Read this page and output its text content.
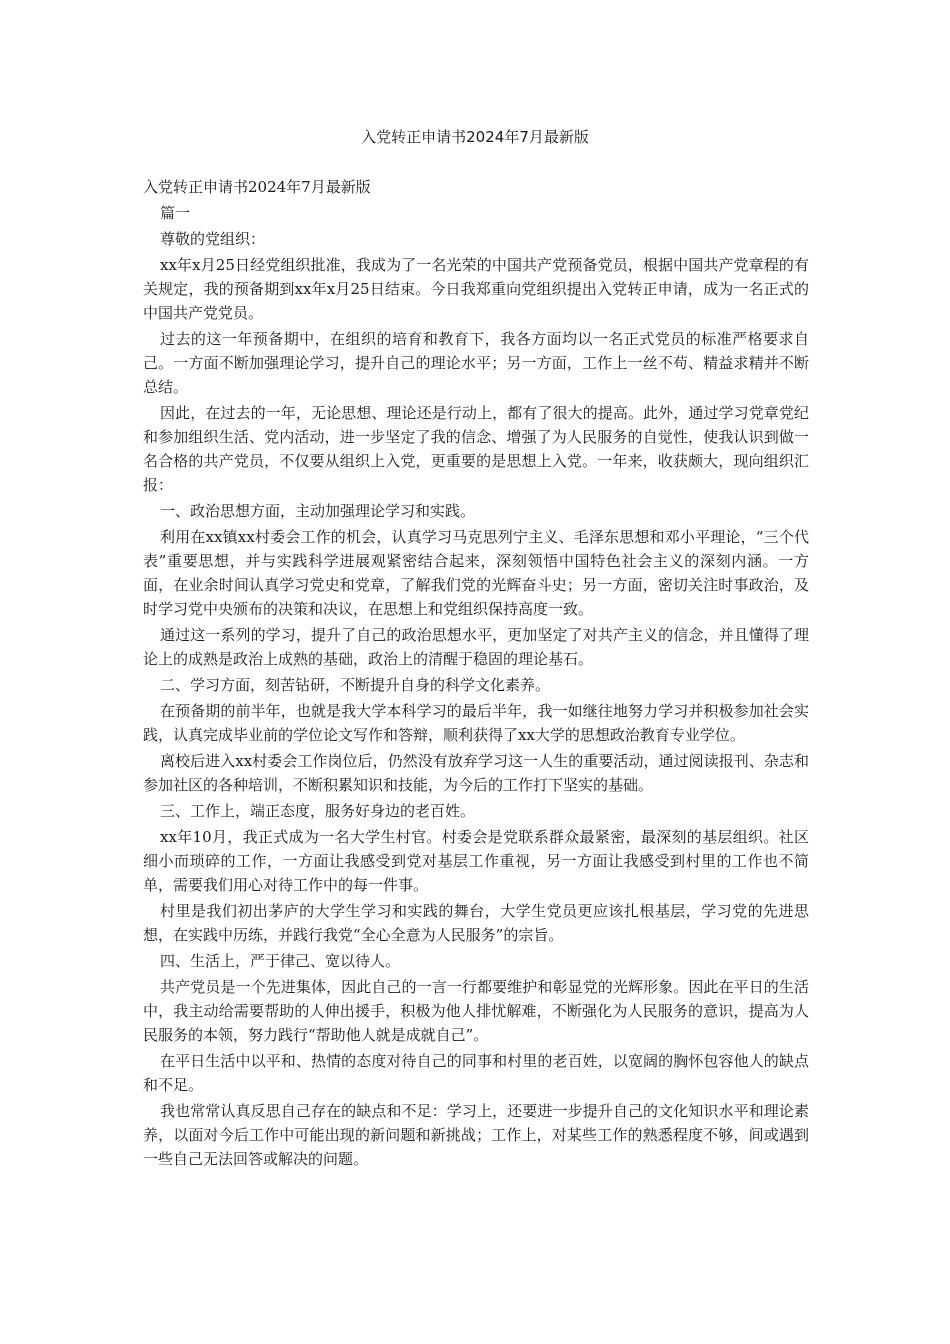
入党转正申请书2024年7月最新版

入党转正申请书2024年7月最新版

篇一

尊敬的党组织：

xx年x月25日经党组织批准，我成为了一名光荣的中国共产党预备党员，根据中国共产党章程的有关规定，我的预备期到xx年x月25日结束。今日我郑重向党组织提出入党转正申请，成为一名正式的中国共产党党员。

过去的这一年预备期中，在组织的培育和教育下，我各方面均以一名正式党员的标准严格要求自己。一方面不断加强理论学习，提升自己的理论水平；另一方面，工作上一丝不苟、精益求精并不断总结。

因此，在过去的一年，无论思想、理论还是行动上，都有了很大的提高。此外，通过学习党章党纪和参加组织生活、党内活动，进一步坚定了我的信念、增强了为人民服务的自觉性，使我认识到做一名合格的共产党员，不仅要从组织上入党，更重要的是思想上入党。一年来，收获颇大，现向组织汇报：

一、政治思想方面，主动加强理论学习和实践。

利用在xx镇xx村委会工作的机会，认真学习马克思列宁主义、毛泽东思想和邓小平理论，“三个代表”重要思想，并与实践科学进展观紧密结合起来，深刻领悟中国特色社会主义的深刻内涵。一方面，在业余时间认真学习党史和党章，了解我们党的光辉奋斗史；另一方面，密切关注时事政治，及时学习党中央颁布的决策和决议，在思想上和党组织保持高度一致。

通过这一系列的学习，提升了自己的政治思想水平，更加坚定了对共产主义的信念，并且懂得了理论上的成熟是政治上成熟的基础，政治上的清醒于稳固的理论基石。

二、学习方面，刻苦钻研，不断提升自身的科学文化素养。

在预备期的前半年，也就是我大学本科学习的最后半年，我一如继往地努力学习并积极参加社会实践，认真完成毕业前的学位论文写作和答辩，顺利获得了xx大学的思想政治教育专业学位。

离校后进入xx村委会工作岗位后，仍然没有放弃学习这一人生的重要活动，通过阅读报刊、杂志和参加社区的各种培训，不断积累知识和技能，为今后的工作打下坚实的基础。

三、工作上，端正态度，服务好身边的老百姓。

xx年10月，我正式成为一名大学生村官。村委会是党联系群众最紧密，最深刻的基层组织。社区细小而琐碎的工作，一方面让我感受到党对基层工作重视，另一方面让我感受到村里的工作也不简单，需要我们用心对待工作中的每一件事。

村里是我们初出茅庐的大学生学习和实践的舞台，大学生党员更应该扎根基层，学习党的先进思想，在实践中历练，并践行我党“全心全意为人民服务”的宗旨。

四、生活上，严于律己、宽以待人。

共产党员是一个先进集体，因此自己的一言一行都要维护和彰显党的光辉形象。因此在平日的生活中，我主动给需要帮助的人伸出援手，积极为他人排忧解难，不断强化为人民服务的意识，提高为人民服务的本领，努力践行“帮助他人就是成就自己”。

在平日生活中以平和、热情的态度对待自己的同事和村里的老百姓，以宽阔的胸怀包容他人的缺点和不足。

我也常常认真反思自己存在的缺点和不足：学习上，还要进一步提升自己的文化知识水平和理论素养，以面对今后工作中可能出现的新问题和新挑战；工作上，对某些工作的熟悉程度不够，间或遇到一些自己无法回答或解决的问题。
